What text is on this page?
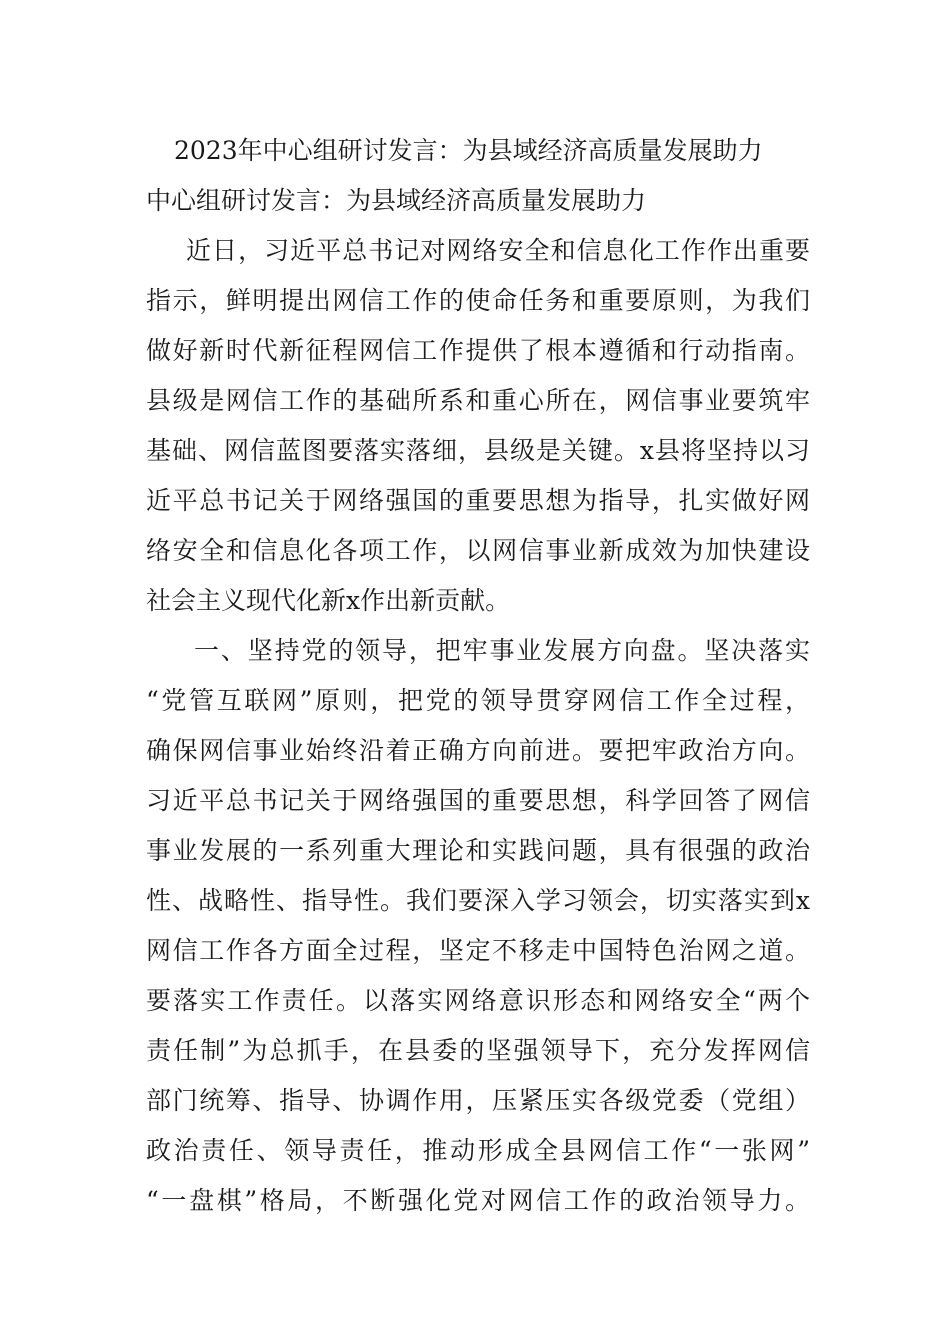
2023年中心组研讨发言：为县域经济高质量发展助力
中心组研讨发言：为县域经济高质量发展助力
近日，习近平总书记对网络安全和信息化工作作出重要
指示，鲜明提出网信工作的使命任务和重要原则，为我们
做好新时代新征程网信工作提供了根本遵循和行动指南。
县级是网信工作的基础所系和重心所在，网信事业要筑牢
基础、网信蓝图要落实落细，县级是关键。x县将坚持以习
近平总书记关于网络强国的重要思想为指导，扎实做好网
络安全和信息化各项工作，以网信事业新成效为加快建设
社会主义现代化新x作出新贡献。
一、坚持党的领导，把牢事业发展方向盘。坚决落实
“党管互联网”原则，把党的领导贯穿网信工作全过程，
确保网信事业始终沿着正确方向前进。要把牢政治方向。
习近平总书记关于网络强国的重要思想，科学回答了网信
事业发展的一系列重大理论和实践问题，具有很强的政治
性、战略性、指导性。我们要深入学习领会，切实落实到x
网信工作各方面全过程，坚定不移走中国特色治网之道。
要落实工作责任。以落实网络意识形态和网络安全“两个
责任制”为总抓手，在县委的坚强领导下，充分发挥网信
部门统筹、指导、协调作用，压紧压实各级党委（党组）
政治责任、领导责任，推动形成全县网信工作“一张网”
“一盘棋”格局，不断强化党对网信工作的政治领导力。
